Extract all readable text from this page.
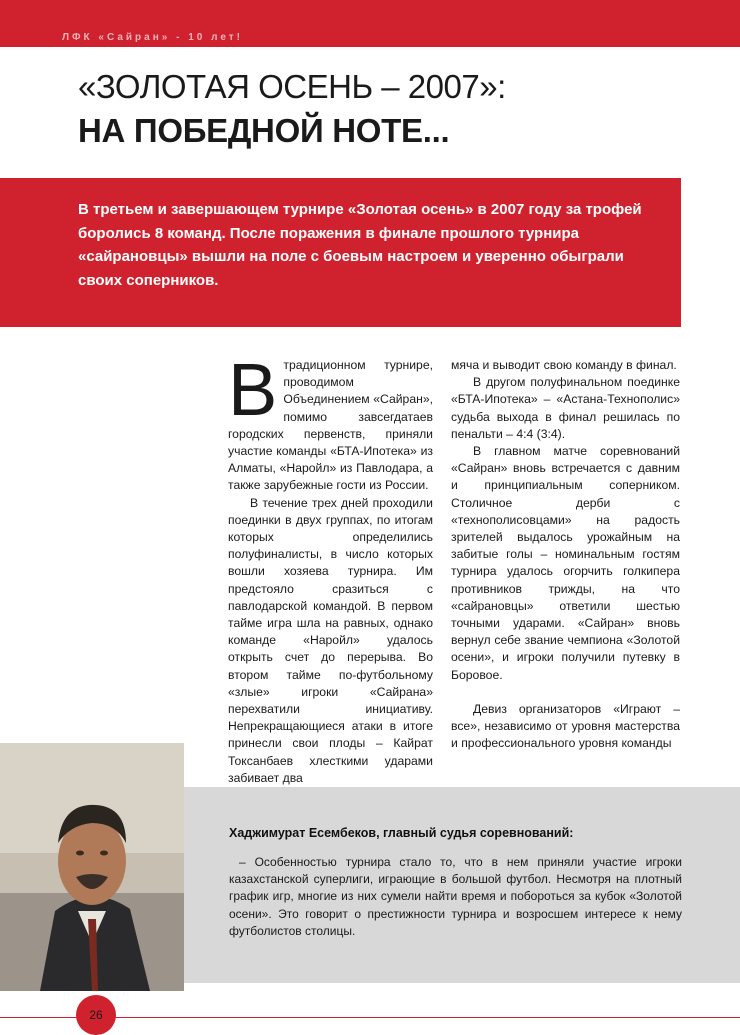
ЛФК «Сайран» - 10 лет!
«ЗОЛОТАЯ ОСЕНЬ – 2007»:
НА ПОБЕДНОЙ НОТЕ...

В третьем и завершающем турнире «Золотая осень» в 2007 году за трофей боролись 8 команд. После поражения в финале прошлого турнира «сайрановцы» вышли на поле с боевым настроем и уверенно обыграли своих соперников.

Втрадиционном турнире, проводимом Объединением «Сайран», помимо завсегдатаев городских первенств, приняли участие команды «БТА-Ипотека» из Алматы, «Наройл» из Павлодара, а также зарубежные гости из России.

В течение трех дней проходили поединки в двух группах, по итогам которых определились полуфиналисты, в число которых вошли хозяева турнира. Им предстояло сразиться с павлодарской командой. В первом тайме игра шла на равных, однако команде «Наройл» удалось открыть счет до перерыва. Во втором тайме по-футбольному «злые» игроки «Сайрана» перехватили инициативу. Непрекращающиеся атаки в итоге принесли свои плоды – Кайрат Токсанбаев хлесткими ударами забивает два

мяча и выводит свою команду в финал.

В другом полуфинальном поединке «БТА-Ипотека» – «Астана-Технополис» судьба выхода в финал решилась по пенальти – 4:4 (3:4).

В главном матче соревнований «Сайран» вновь встречается с давним и принципиальным соперником. Столичное дерби с «технополисовцами» на радость зрителей выдалось урожайным на забитые голы – номинальным гостям турнира удалось огорчить голкипера противников трижды, на что «сайрановцы» ответили шестью точными ударами. «Сайран» вновь вернул себе звание чемпиона «Золотой осени», и игроки получили путевку в Боровое.

Девиз организаторов «Играют – все», независимо от уровня мастерства и профессионального уровня команды

Хаджимурат Есембеков, главный судья соревнований:

– Особенностью турнира стало то, что в нем приняли участие игроки казахстанской суперлиги, играющие в большой футбол. Несмотря на плотный график игр, многие из них сумели найти время и побороться за кубок «Золотой осени». Это говорит о престижности турнира и возросшем интересе к нему футболистов столицы.

26
